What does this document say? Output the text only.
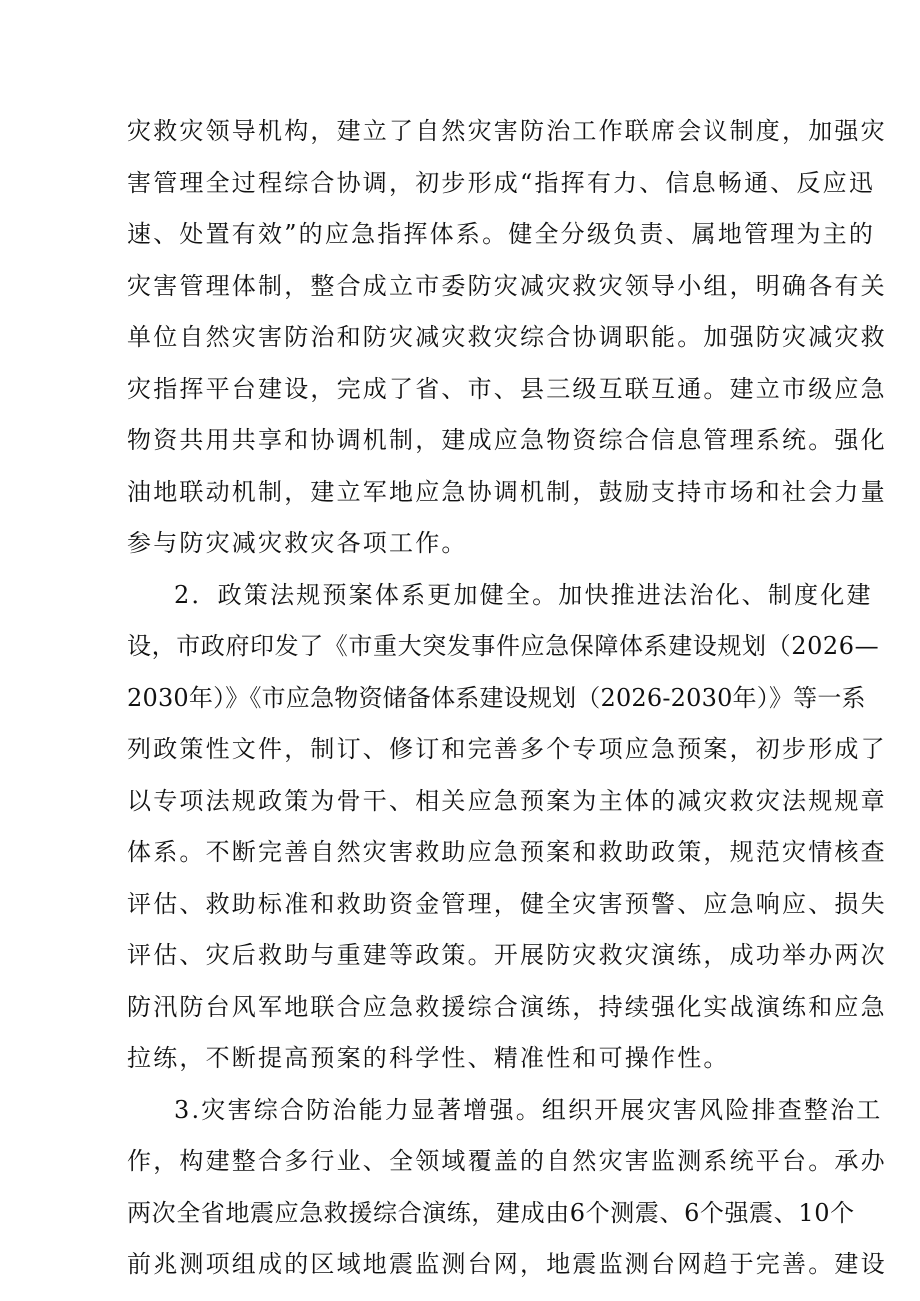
灾救灾领导机构，建立了自然灾害防治工作联席会议制度，加强灾
害管理全过程综合协调，初步形成“指挥有力、信息畅通、反应迅
速、处置有效”的应急指挥体系。健全分级负责、属地管理为主的
灾害管理体制，整合成立市委防灾减灾救灾领导小组，明确各有关
单位自然灾害防治和防灾减灾救灾综合协调职能。加强防灾减灾救
灾指挥平台建设，完成了省、市、县三级互联互通。建立市级应急
物资共用共享和协调机制，建成应急物资综合信息管理系统。强化
油地联动机制，建立军地应急协调机制，鼓励支持市场和社会力量
参与防灾减灾救灾各项工作。
2．政策法规预案体系更加健全。加快推进法治化、制度化建
设，市政府印发了《市重大突发事件应急保障体系建设规划（2026—
2030年）》《市应急物资储备体系建设规划（2026-2030年）》等一系
列政策性文件，制订、修订和完善多个专项应急预案，初步形成了
以专项法规政策为骨干、相关应急预案为主体的减灾救灾法规规章
体系。不断完善自然灾害救助应急预案和救助政策，规范灾情核查
评估、救助标准和救助资金管理，健全灾害预警、应急响应、损失
评估、灾后救助与重建等政策。开展防灾救灾演练，成功举办两次
防汛防台风军地联合应急救援综合演练，持续强化实战演练和应急
拉练，不断提高预案的科学性、精准性和可操作性。
3.灾害综合防治能力显著增强。组织开展灾害风险排查整治工
作，构建整合多行业、全领域覆盖的自然灾害监测系统平台。承办
两次全省地震应急救援综合演练，建成由6个测震、6个强震、10个
前兆测项组成的区域地震监测台网，地震监测台网趋于完善。建设
